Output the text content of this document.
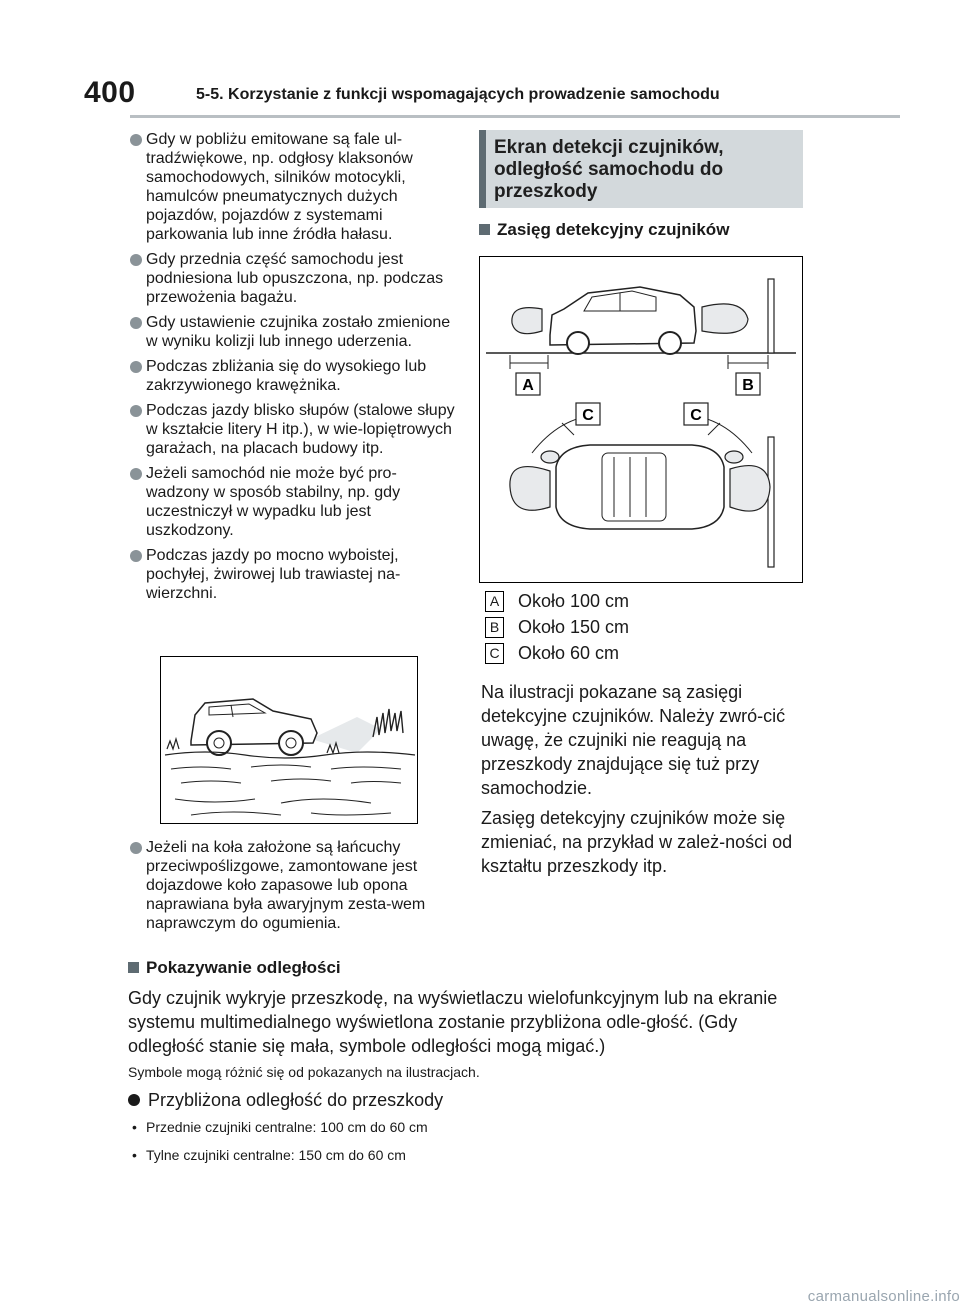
400	5-5. Korzystanie z funkcji wspomagających prowadzenie samochodu
Gdy w pobliżu emitowane są fale ul-tradźwiękowe, np. odgłosy klaksonów samochodowych, silników motocykli, hamulców pneumatycznych dużych pojazdów, pojazdów z systemami parkowania lub inne źródła hałasu.
Gdy przednia część samochodu jest podniesiona lub opuszczona, np. podczas przewożenia bagażu.
Gdy ustawienie czujnika zostało zmienione w wyniku kolizji lub innego uderzenia.
Podczas zbliżania się do wysokiego lub zakrzywionego krawężnika.
Podczas jazdy blisko słupów (stalowe słupy w kształcie litery H itp.), w wie-lopiętrowych garażach, na placach budowy itp.
Jeżeli samochód nie może być pro-wadzony w sposób stabilny, np. gdy uczestniczył w wypadku lub jest uszkodzony.
Podczas jazdy po mocno wyboistej, pochyłej, żwirowej lub trawiastej na-wierzchni.
Jeżeli na koła założone są łańcuchy przeciwpoślizgowe, zamontowane jest dojazdowe koło zapasowe lub opona naprawiana była awaryjnym zesta-wem naprawczym do ogumienia.
Ekran detekcji czujników, odległość samochodu do przeszkody
Zasięg detekcyjny czujników
A	B
C	C
A Około 100 cm
B Około 150 cm
C Około 60 cm

Na ilustracji pokazane są zasięgi detekcyjne czujników. Należy zwró-cić uwagę, że czujniki nie reagują na przeszkody znajdujące się tuż przy samochodzie.

Zasięg detekcyjny czujników może się zmieniać, na przykład w zależ-ności od kształtu przeszkody itp.

Pokazywanie odległości

Gdy czujnik wykryje przeszkodę, na wyświetlaczu wielofunkcyjnym lub na ekranie systemu multimedialnego wyświetlona zostanie przybliżona odle-głość. (Gdy odległość stanie się mała, symbole odległości mogą migać.)

Symbole mogą różnić się od pokazanych na ilustracjach.
Przybliżona odległość do przeszkody
• Przednie czujniki centralne: 100 cm do 60 cm
• Tylne czujniki centralne: 150 cm do 60 cm
carmanualsonline.info
